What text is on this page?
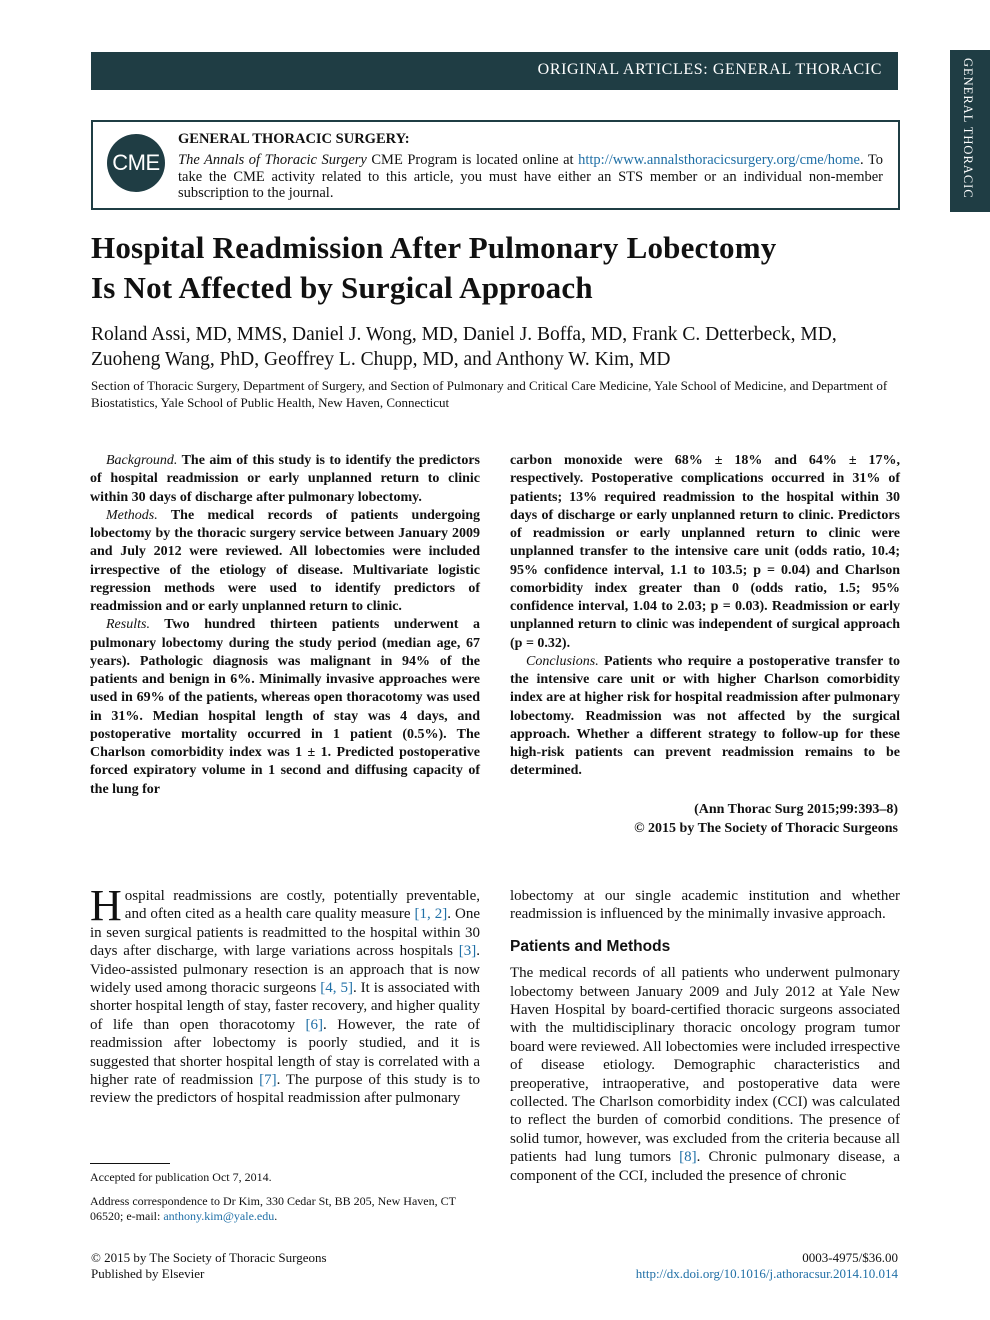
ORIGINAL ARTICLES: GENERAL THORACIC	GENERAL THORACIC
CME
GENERAL THORACIC SURGERY:
The Annals of Thoracic Surgery CME Program is located online at http://www.annalsthoracicsurgery.org/cme/home. To take the CME activity related to this article, you must have either an STS member or an individual non-member subscription to the journal.
Hospital Readmission After Pulmonary Lobectomy
Is Not Affected by Surgical Approach
Roland Assi, MD, MMS, Daniel J. Wong, MD, Daniel J. Boffa, MD, Frank C. Detterbeck, MD,
Zuoheng Wang, PhD, Geoffrey L. Chupp, MD, and Anthony W. Kim, MD
Section of Thoracic Surgery, Department of Surgery, and Section of Pulmonary and Critical Care Medicine, Yale School of Medicine, and Department of Biostatistics, Yale School of Public Health, New Haven, Connecticut

Background. The aim of this study is to identify the predictors of hospital readmission or early unplanned return to clinic within 30 days of discharge after pulmonary lobectomy.

Methods. The medical records of patients undergoing lobectomy by the thoracic surgery service between January 2009 and July 2012 were reviewed. All lobectomies were included irrespective of the etiology of disease. Multivariate logistic regression methods were used to identify predictors of readmission and or early unplanned return to clinic.

Results. Two hundred thirteen patients underwent a pulmonary lobectomy during the study period (median age, 67 years). Pathologic diagnosis was malignant in 94% of the patients and benign in 6%. Minimally invasive approaches were used in 69% of the patients, whereas open thoracotomy was used in 31%. Median hospital length of stay was 4 days, and postoperative mortality occurred in 1 patient (0.5%). The Charlson comorbidity index was 1 ± 1. Predicted postoperative forced expiratory volume in 1 second and diffusing capacity of the lung for

carbon monoxide were 68% ± 18% and 64% ± 17%, respectively. Postoperative complications occurred in 31% of patients; 13% required readmission to the hospital within 30 days of discharge or early unplanned return to clinic. Predictors of readmission or early unplanned return to clinic were unplanned transfer to the intensive care unit (odds ratio, 10.4; 95% confidence interval, 1.1 to 103.5; p = 0.04) and Charlson comorbidity index greater than 0 (odds ratio, 1.5; 95% confidence interval, 1.04 to 2.03; p = 0.03). Readmission or early unplanned return to clinic was independent of surgical approach (p = 0.32).

Conclusions. Patients who require a postoperative transfer to the intensive care unit or with higher Charlson comorbidity index are at higher risk for hospital readmission after pulmonary lobectomy. Readmission was not affected by the surgical approach. Whether a different strategy to follow-up for these high-risk patients can prevent readmission remains to be determined.

(Ann Thorac Surg 2015;99:393–8)
© 2015 by The Society of Thoracic Surgeons

Hospital readmissions are costly, potentially preventable, and often cited as a health care quality measure [1, 2]. One in seven surgical patients is readmitted to the hospital within 30 days after discharge, with large variations across hospitals [3]. Video-assisted pulmonary resection is an approach that is now widely used among thoracic surgeons [4, 5]. It is associated with shorter hospital length of stay, faster recovery, and higher quality of life than open thoracotomy [6]. However, the rate of readmission after lobectomy is poorly studied, and it is suggested that shorter hospital length of stay is correlated with a higher rate of readmission [7]. The purpose of this study is to review the predictors of hospital readmission after pulmonary

lobectomy at our single academic institution and whether readmission is influenced by the minimally invasive approach.

Patients and Methods

The medical records of all patients who underwent pulmonary lobectomy between January 2009 and July 2012 at Yale New Haven Hospital by board-certified thoracic surgeons associated with the multidisciplinary thoracic oncology program tumor board were reviewed. All lobectomies were included irrespective of disease etiology. Demographic characteristics and preoperative, intraoperative, and postoperative data were collected. The Charlson comorbidity index (CCI) was calculated to reflect the burden of comorbid conditions. The presence of solid tumor, however, was excluded from the criteria because all patients had lung tumors [8]. Chronic pulmonary disease, a component of the CCI, included the presence of chronic

Accepted for publication Oct 7, 2014.

Address correspondence to Dr Kim, 330 Cedar St, BB 205, New Haven, CT 06520; e-mail: anthony.kim@yale.edu.

© 2015 by The Society of Thoracic Surgeons
Published by Elsevier
0003-4975/$36.00
http://dx.doi.org/10.1016/j.athoracsur.2014.10.014
